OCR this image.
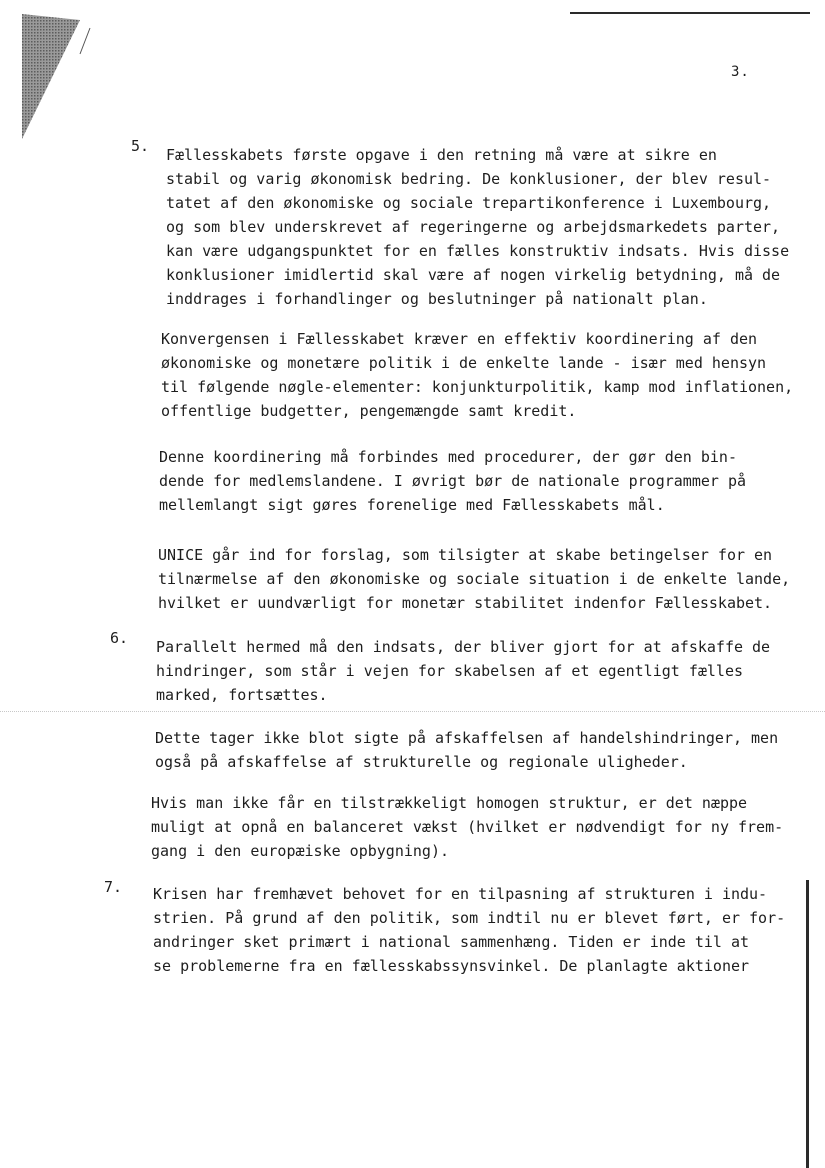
3.
5. Fællesskabets første opgave i den retning må være at sikre en
stabil og varig økonomisk bedring. De konklusioner, der blev resul-
tatet af den økonomiske og sociale trepartikonference i Luxembourg,
og som blev underskrevet af regeringerne og arbejdsmarkedets parter,
kan være udgangspunktet for en fælles konstruktiv indsats. Hvis disse
konklusioner imidlertid skal være af nogen virkelig betydning, må de
inddrages i forhandlinger og beslutninger på nationalt plan.
Konvergensen i Fællesskabet kræver en effektiv koordinering af den
økonomiske og monetære politik i de enkelte lande - især med hensyn
til følgende nøgle-elementer: konjunkturpolitik, kamp mod inflationen,
offentlige budgetter, pengemængde samt kredit.
Denne koordinering må forbindes med procedurer, der gør den bin-
dende for medlemslandene. I øvrigt bør de nationale programmer på
mellemlangt sigt gøres forenelige med Fællesskabets mål.
UNICE går ind for forslag, som tilsigter at skabe betingelser for en
tilnærmelse af den økonomiske og sociale situation i de enkelte lande,
hvilket er uundværligt for monetær stabilitet indenfor Fællesskabet.
6. Parallelt hermed må den indsats, der bliver gjort for at afskaffe de
hindringer, som står i vejen for skabelsen af et egentligt fælles
marked, fortsættes.
Dette tager ikke blot sigte på afskaffelsen af handelshindringer, men
også på afskaffelse af strukturelle og regionale uligheder.
Hvis man ikke får en tilstrækkeligt homogen struktur, er det næppe
muligt at opnå en balanceret vækst (hvilket er nødvendigt for ny frem-
gang i den europæiske opbygning).
7. Krisen har fremhævet behovet for en tilpasning af strukturen i indu-
strien. På grund af den politik, som indtil nu er blevet ført, er for-
andringer sket primært i national sammenhæng. Tiden er inde til at
se problemerne fra en fællesskabssynsvinkel. De planlagte aktioner
